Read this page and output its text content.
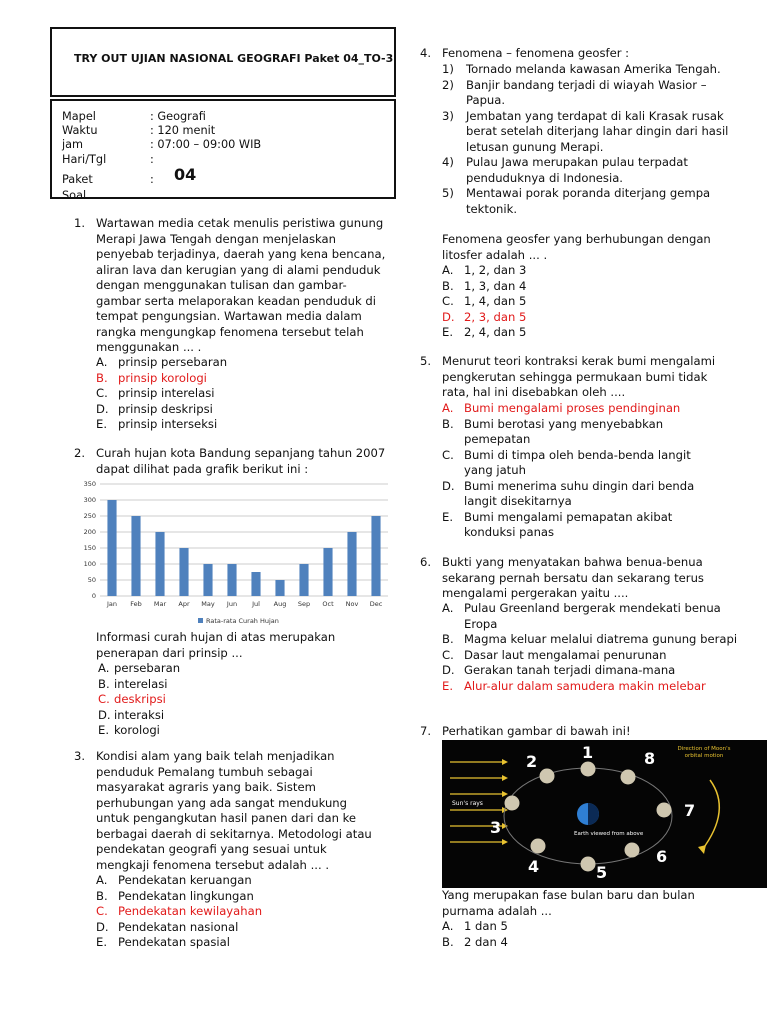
TRY OUT UJIAN NASIONAL GEOGRAFI Paket 04_TO-3
Mapel	: Geografi
Waktu	: 120 menit
jam	: 07:00 – 09:00 WIB
Hari/Tgl	:
Paket Soal
: 04
1. Wartawan media cetak menulis peristiwa gunung Merapi Jawa Tengah dengan menjelaskan penyebab terjadinya, daerah yang kena bencana, aliran lava dan kerugian yang di alami penduduk dengan menggunakan tulisan dan gambar-gambar serta melaporakan keadan penduduk di tempat pengungsian. Wartawan media dalam rangka mengungkap fenomena tersebut telah menggunakan ... .
A. prinsip persebaran
B. prinsip korologi
C. prinsip interelasi
D. prinsip deskripsi
E. prinsip interseksi
2. Curah hujan kota Bandung sepanjang tahun 2007 dapat dilihat pada grafik berikut ini :
0
50
100
150
200
250
300
350
Jan Feb Mar Apr May Jun Jul Aug Sep Oct Nov Dec
Rata-rata Curah Hujan
Informasi curah hujan di atas merupakan penerapan dari prinsip ...
A. persebaran
B. interelasi
C. deskripsi
D. interaksi
E. korologi
3. Kondisi alam yang baik telah menjadikan penduduk Pemalang tumbuh sebagai masyarakat agraris yang baik. Sistem perhubungan yang ada sangat mendukung untuk pengangkutan hasil panen dari dan ke berbagai daerah di sekitarnya. Metodologi atau pendekatan geografi yang sesuai untuk mengkaji fenomena tersebut adalah ... .
A. Pendekatan keruangan
B. Pendekatan lingkungan
C. Pendekatan kewilayahan
D. Pendekatan nasional
E. Pendekatan spasial
4. Fenomena – fenomena geosfer :
1) Tornado melanda kawasan Amerika Tengah.
2) Banjir bandang terjadi di wiayah Wasior – Papua.
3) Jembatan yang terdapat di kali Krasak rusak berat setelah diterjang lahar dingin dari hasil letusan gunung Merapi.
4) Pulau Jawa merupakan pulau terpadat penduduknya di Indonesia.
5) Mentawai porak poranda diterjang gempa tektonik.
Fenomena geosfer yang berhubungan dengan litosfer adalah ... .
A. 1, 2, dan 3
B. 1, 3, dan 4
C. 1, 4, dan 5
D. 2, 3, dan 5
E. 2, 4, dan 5
5. Menurut teori kontraksi kerak bumi mengalami pengkerutan sehingga permukaan bumi tidak rata, hal ini disebabkan oleh ....
A. Bumi mengalami proses pendinginan
B. Bumi berotasi yang menyebabkan pemepatan
C. Bumi di timpa oleh benda-benda langit yang jatuh
D. Bumi menerima suhu dingin dari benda langit disekitarnya
E. Bumi mengalami pemapatan akibat konduksi panas
6. Bukti yang menyatakan bahwa benua-benua sekarang pernah bersatu dan sekarang terus mengalami pergerakan yaitu ....
A. Pulau Greenland bergerak mendekati benua Eropa
B. Magma keluar melalui diatrema gunung berapi
C. Dasar laut mengalamai penurunan
D. Gerakan tanah terjadi dimana-mana
E. Alur-alur dalam samudera makin melebar
7. Perhatikan gambar di bawah ini!
Sun's rays
Earth viewed from above
1
2
3
4	5
6
7
8	Direction of Moon's orbital motion
Yang merupakan fase bulan baru dan bulan purnama adalah ...
A. 1 dan 5
B. 2 dan 4
